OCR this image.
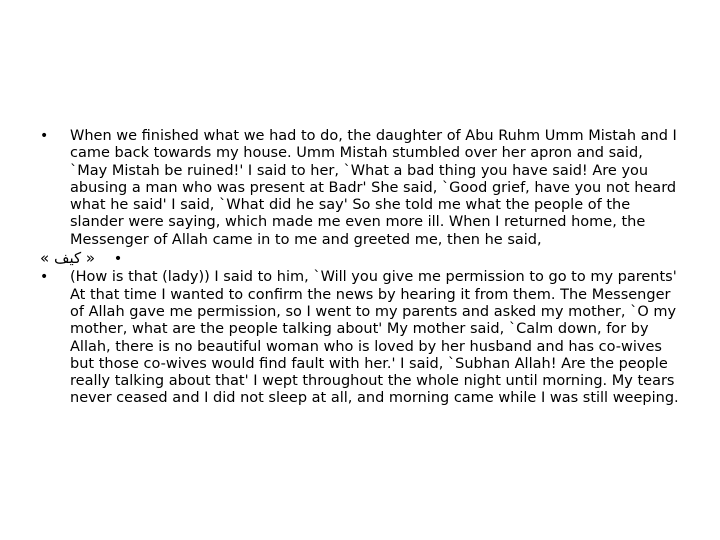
•	When we finished what we had to do, the daughter of Abu Ruhm Umm Mistah and I came back towards my house. Umm Mistah stumbled over her apron and said, `May Mistah be ruined!' I said to her, `What a bad thing you have said! Are you abusing a man who was present at Badr' She said, `Good grief, have you not heard what he said' I said, `What did he say' So she told me what the people of the slander were saying, which made me even more ill. When I returned home, the Messenger of Allah came in to me and greeted me, then he said,
« ﻛﻴﻒ » •
•	(How is that (lady)) I said to him, `Will you give me permission to go to my parents' At that time I wanted to confirm the news by hearing it from them. The Messenger of Allah gave me permission, so I went to my parents and asked my mother, `O my mother, what are the people talking about' My mother said, `Calm down, for by Allah, there is no beautiful woman who is loved by her husband and has co-wives but those co-wives would find fault with her.' I said, `Subhan Allah! Are the people really talking about that' I wept throughout the whole night until morning. My tears never ceased and I did not sleep at all, and morning came while I was still weeping.
